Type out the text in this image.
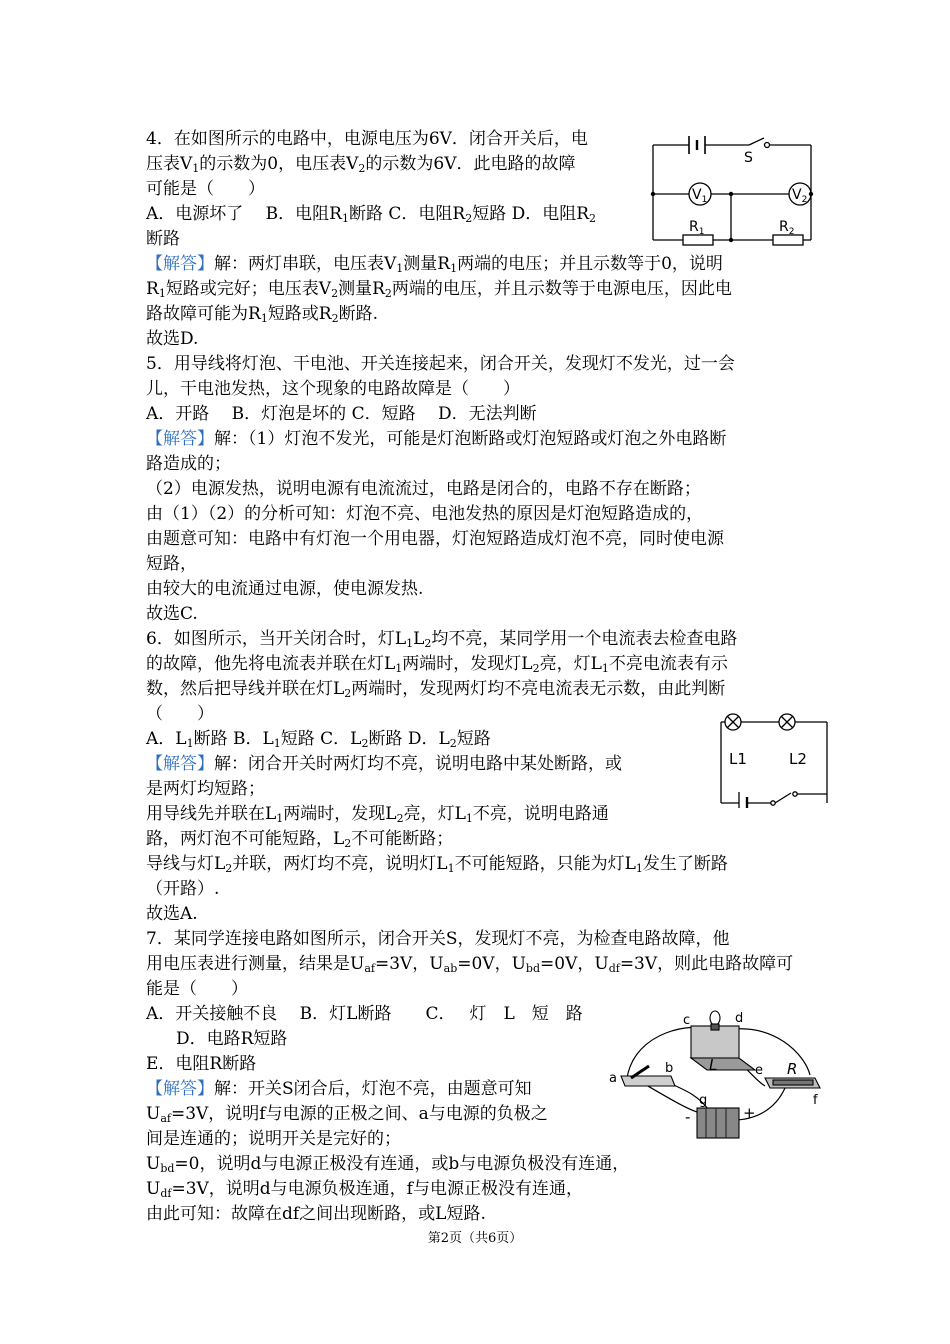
4．在如图所示的电路中，电源电压为6V．闭合开关后，电
压表$V_1$的示数为0，电压表$V_2$的示数为6V．此电路的故障
可能是（　　）
A．电源坏了　 B．电阻$R_1$断路 C．电阻$R_2$短路 D．电阻$R_2$
断路
【解答】解：两灯串联，电压表$V_1$测量$R_1$两端的电压；并且示数等于0，说明
$R_1$短路或完好；电压表$V_2$测量$R_2$两端的电压，并且示数等于电源电压，因此电
路故障可能为$R_1$短路或$R_2$断路.
故选D.
5．用导线将灯泡、干电池、开关连接起来，闭合开关，发现灯不发光，过一会
儿，干电池发热，这个现象的电路故障是（　　）
A．开路　 B．灯泡是坏的 C．短路　 D．无法判断
【解答】解：（1）灯泡不发光，可能是灯泡断路或灯泡短路或灯泡之外电路断
路造成的；
（2）电源发热，说明电源有电流流过，电路是闭合的，电路不存在断路；
由（1）（2）的分析可知：灯泡不亮、电池发热的原因是灯泡短路造成的，
由题意可知：电路中有灯泡一个用电器，灯泡短路造成灯泡不亮，同时使电源
短路，
由较大的电流通过电源，使电源发热.
故选C.
6．如图所示，当开关闭合时，灯$L_1L_2$均不亮，某同学用一个电流表去检查电路
的故障，他先将电流表并联在灯$L_1$两端时，发现灯$L_2$亮，灯$L_1$不亮电流表有示
数，然后把导线并联在灯$L_2$两端时，发现两灯均不亮电流表无示数，由此判断
（　　）
A．$L_1$断路 B．$L_1$短路 C．$L_2$断路 D．$L_2$短路
【解答】解：闭合开关时两灯均不亮，说明电路中某处断路，或
是两灯均短路；
用导线先并联在$L_1$两端时，发现$L_2$亮，灯$L_1$不亮，说明电路通
路，两灯泡不可能短路，$L_2$不可能断路；
导线与灯$L_2$并联，两灯均不亮，说明灯$L_1$不可能短路，只能为灯$L_1$发生了断路
（开路）.
故选A.
7．某同学连接电路如图所示，闭合开关S，发现灯不亮，为检查电路故障，他
用电压表进行测量，结果是$U_{af}=3V$，$U_{ab}=0V$，$U_{bd}=0V$，$U_{df}=3V$，则此电路故障可
能是（　　）
A．开关接触不良　 B．灯L断路　　C． 灯　L　短　路
D．电路R短路
E．电阻R断路
【解答】解：开关S闭合后，灯泡不亮，由题意可知
$U_{af}=3V$，说明f与电源的正极之间、a与电源的负极之
间是连通的；说明开关是完好的；
$U_{bd}=0$，说明d与电源正极没有连通，或b与电源负极没有连通，
$U_{df}=3V$，说明d与电源负极连通，f与电源正极没有连通，
由此可知：故障在df之间出现断路，或L短路.
S
$V_1$	$V_2$
$R_1$	$R_2$
L1	L2
a
b
c	d
e
f
g
L	R
-	+
第2页（共6页）
